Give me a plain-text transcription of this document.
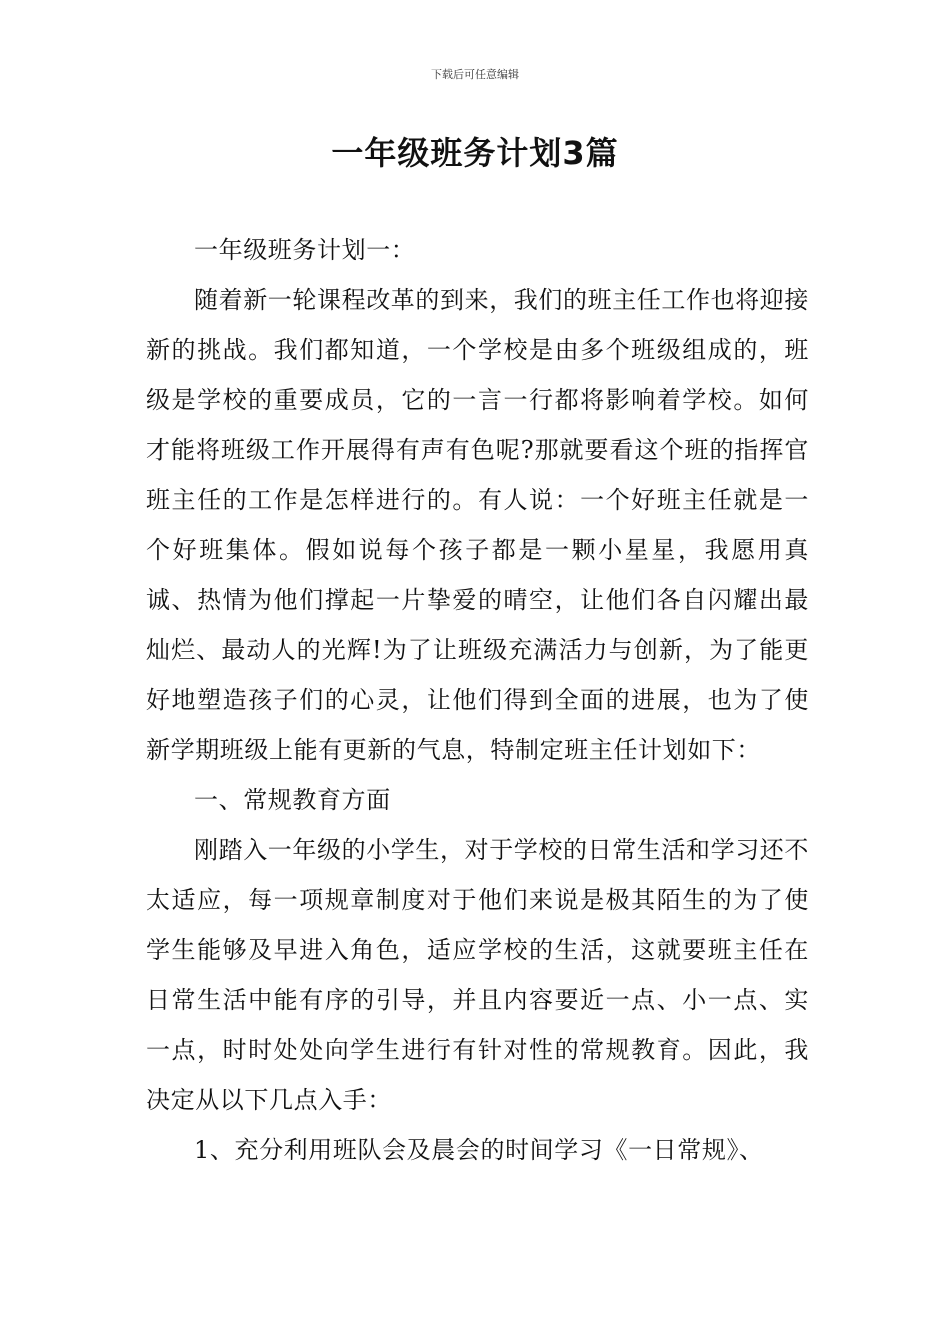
下载后可任意编辑
一年级班务计划3篇

一年级班务计划一：

随着新一轮课程改革的到来，我们的班主任工作也将迎接新的挑战。我们都知道，一个学校是由多个班级组成的，班级是学校的重要成员，它的一言一行都将影响着学校。如何才能将班级工作开展得有声有色呢?那就要看这个班的指挥官班主任的工作是怎样进行的。有人说：一个好班主任就是一个好班集体。假如说每个孩子都是一颗小星星，我愿用真诚、热情为他们撑起一片挚爱的晴空，让他们各自闪耀出最灿烂、最动人的光辉!为了让班级充满活力与创新，为了能更好地塑造孩子们的心灵，让他们得到全面的进展，也为了使新学期班级上能有更新的气息，特制定班主任计划如下：

一、常规教育方面

刚踏入一年级的小学生，对于学校的日常生活和学习还不太适应，每一项规章制度对于他们来说是极其陌生的为了使学生能够及早进入角色，适应学校的生活，这就要班主任在日常生活中能有序的引导，并且内容要近一点、小一点、实一点，时时处处向学生进行有针对性的常规教育。因此，我决定从以下几点入手：

1、充分利用班队会及晨会的时间学习《一日常规》、
